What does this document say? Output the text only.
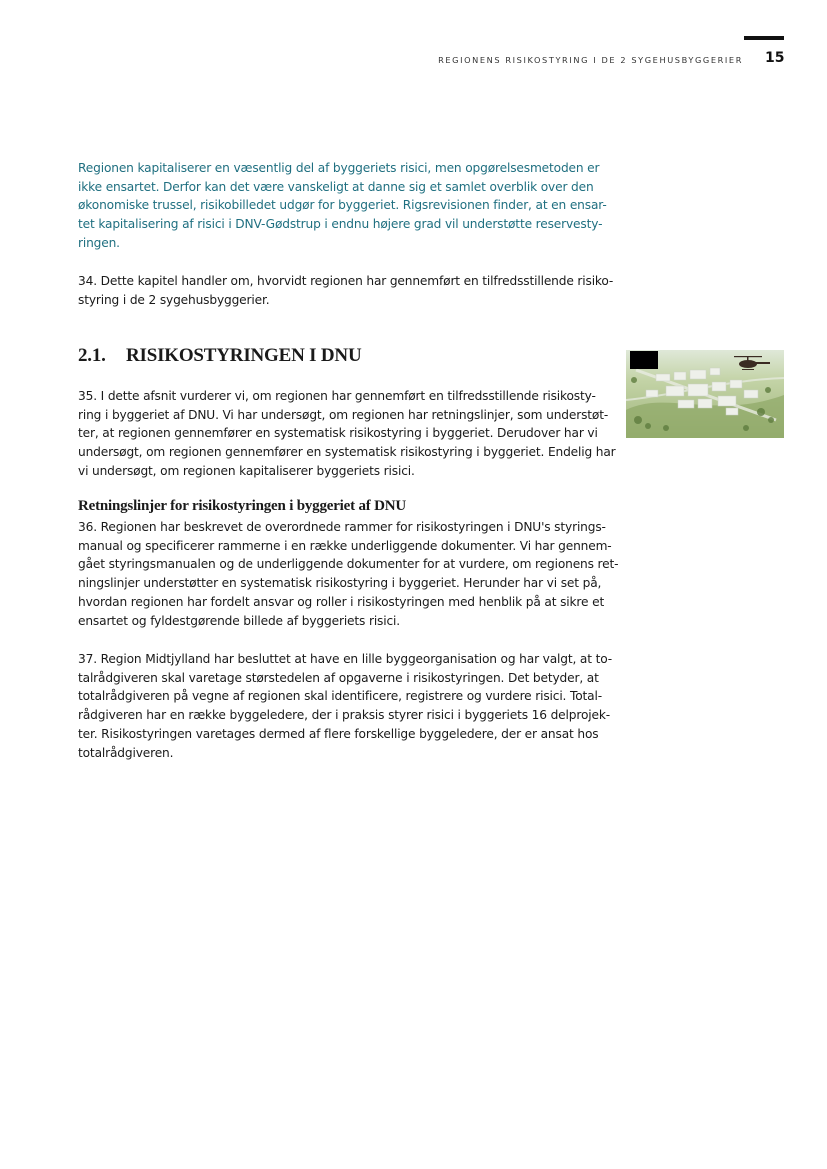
REGIONENS RISIKOSTYRING I DE 2 SYGEHUSBYGGERIER 15

Regionen kapitaliserer en væsentlig del af byggeriets risici, men opgørelsesmetoden er
ikke ensartet. Derfor kan det være vanskeligt at danne sig et samlet overblik over den
økonomiske trussel, risikobilledet udgør for byggeriet. Rigsrevisionen finder, at en ensar-
tet kapitalisering af risici i DNV-Gødstrup i endnu højere grad vil understøtte reservesty-
ringen.

34. Dette kapitel handler om, hvorvidt regionen har gennemført en tilfredsstillende risiko-
styring i de 2 sygehusbyggerier.

2.1. RISIKOSTYRINGEN I DNU

35. I dette afsnit vurderer vi, om regionen har gennemført en tilfredsstillende risikosty-
ring i byggeriet af DNU. Vi har undersøgt, om regionen har retningslinjer, som understøt-
ter, at regionen gennemfører en systematisk risikostyring i byggeriet. Derudover har vi
undersøgt, om regionen gennemfører en systematisk risikostyring i byggeriet. Endelig har
vi undersøgt, om regionen kapitaliserer byggeriets risici.

Retningslinjer for risikostyringen i byggeriet af DNU

36. Regionen har beskrevet de overordnede rammer for risikostyringen i DNU's styrings-
manual og specificerer rammerne i en række underliggende dokumenter. Vi har gennem-
gået styringsmanualen og de underliggende dokumenter for at vurdere, om regionens ret-
ningslinjer understøtter en systematisk risikostyring i byggeriet. Herunder har vi set på,
hvordan regionen har fordelt ansvar og roller i risikostyringen med henblik på at sikre et
ensartet og fyldestgørende billede af byggeriets risici.

37. Region Midtjylland har besluttet at have en lille byggeorganisation og har valgt, at to-
talrådgiveren skal varetage størstedelen af opgaverne i risikostyringen. Det betyder, at
totalrådgiveren på vegne af regionen skal identificere, registrere og vurdere risici. Total-
rådgiveren har en række byggeledere, der i praksis styrer risici i byggeriets 16 delprojek-
ter. Risikostyringen varetages dermed af flere forskellige byggeledere, der er ansat hos
totalrådgiveren.
